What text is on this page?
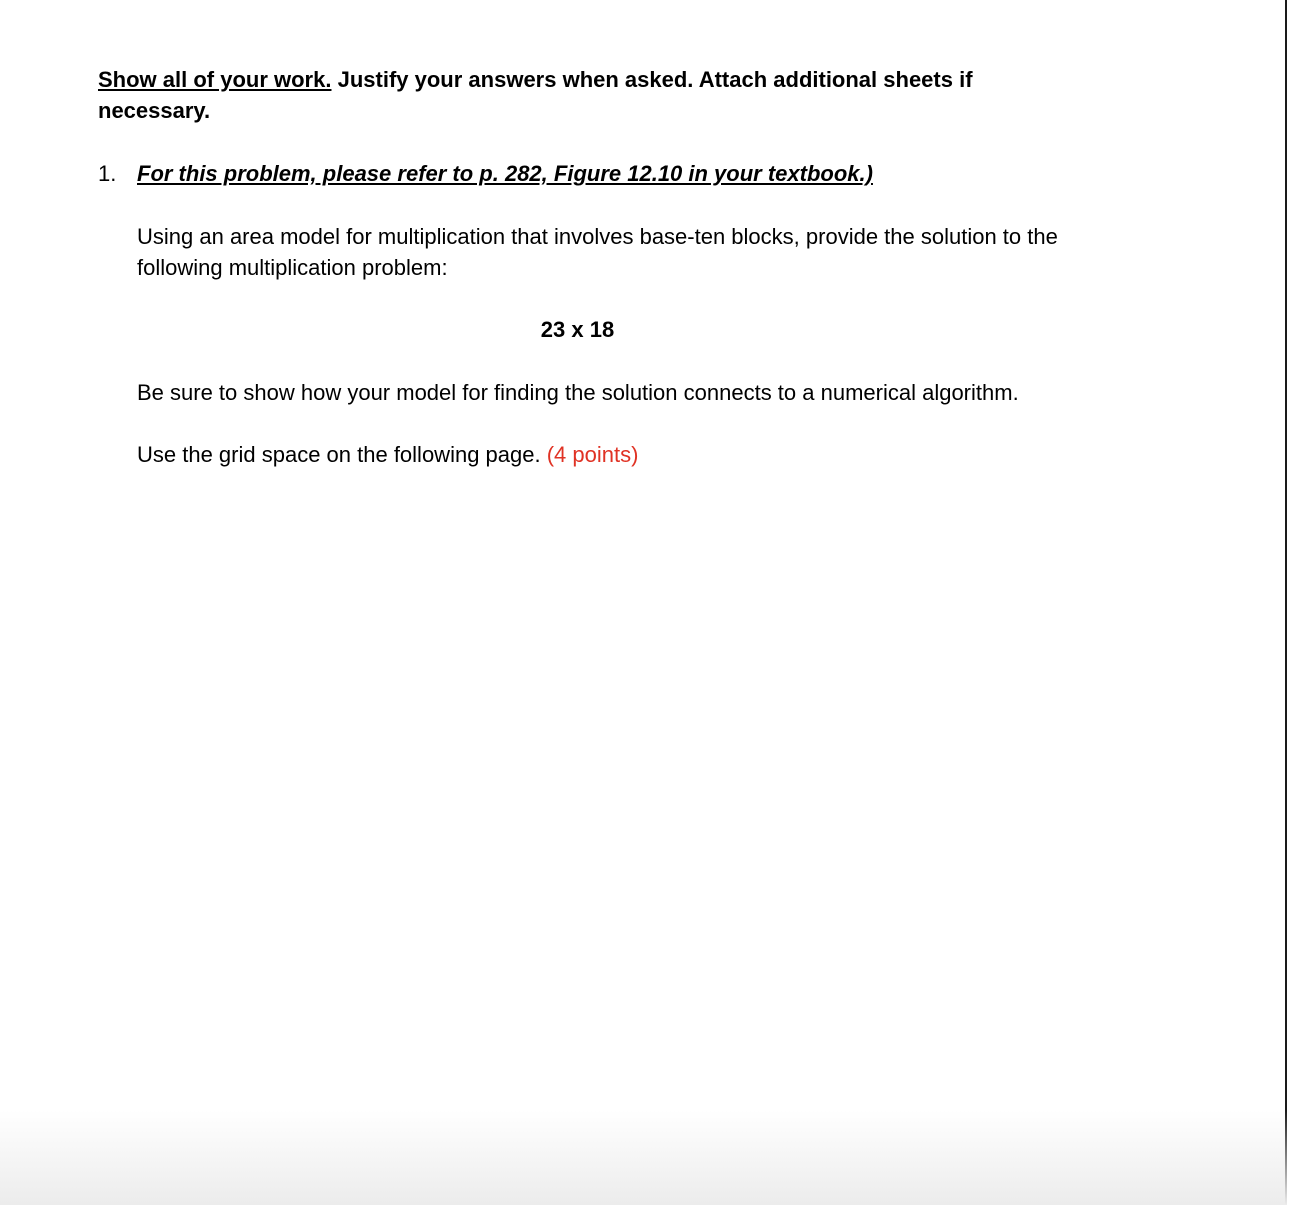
Show all of your work. Justify your answers when asked. Attach additional sheets if necessary.
1. For this problem, please refer to p. 282, Figure 12.10 in your textbook.)
Using an area model for multiplication that involves base-ten blocks, provide the solution to the following multiplication problem:
23 x 18
Be sure to show how your model for finding the solution connects to a numerical algorithm.
Use the grid space on the following page. (4 points)
